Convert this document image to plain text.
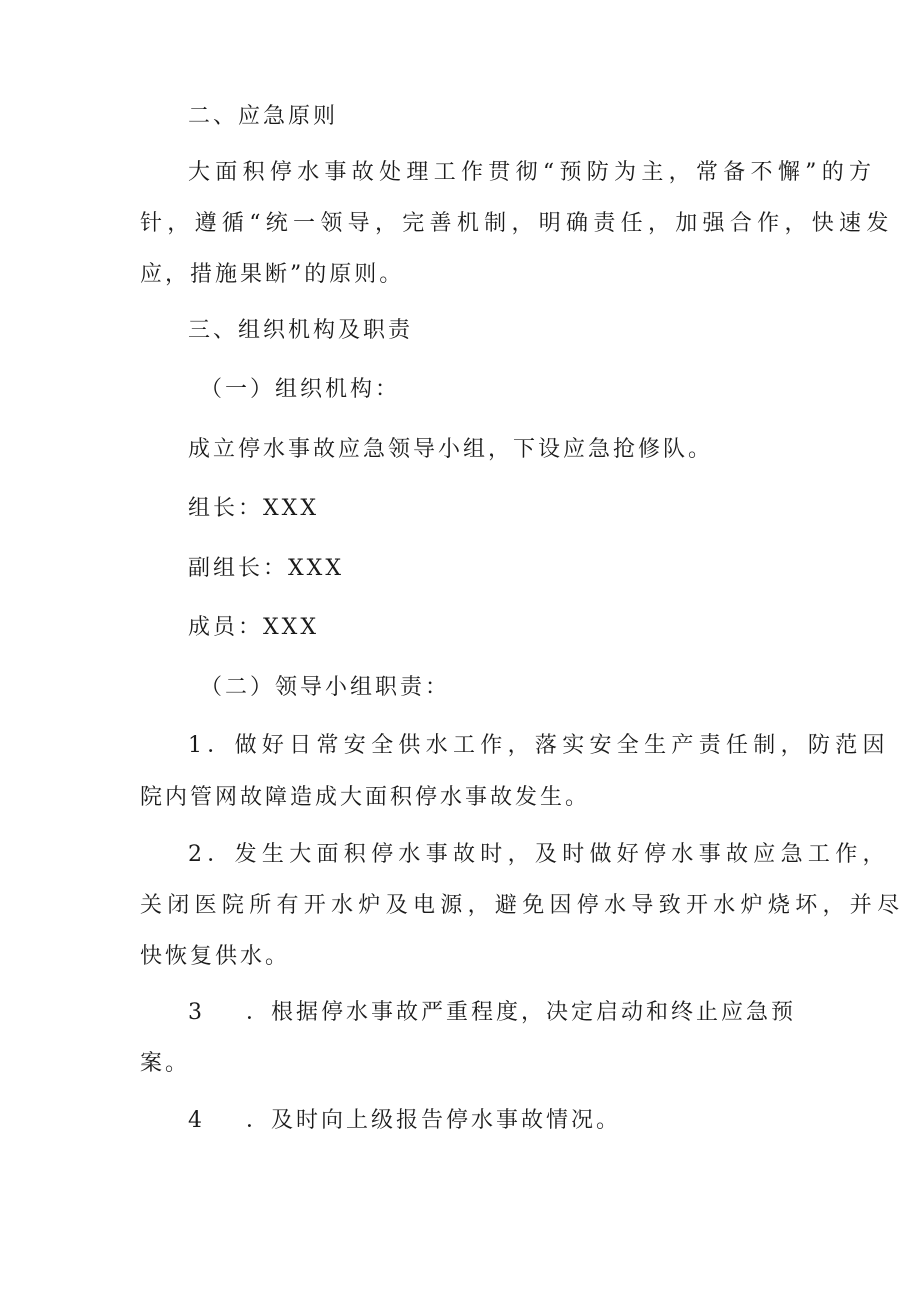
二、应急原则
大面积停水事故处理工作贯彻“预防为主，常备不懈”的方
针，遵循“统一领导，完善机制，明确责任，加强合作，快速发
应，措施果断”的原则。
三、组织机构及职责
（一）组织机构：
成立停水事故应急领导小组，下设应急抢修队。
组长：XXX
副组长：XXX
成员：XXX
（二）领导小组职责：
1．做好日常安全供水工作，落实安全生产责任制，防范因
院内管网故障造成大面积停水事故发生。
2．发生大面积停水事故时，及时做好停水事故应急工作，
关闭医院所有开水炉及电源，避免因停水导致开水炉烧坏，并尽
快恢复供水。
3 ．根据停水事故严重程度，决定启动和终止应急预
案。
4 ．及时向上级报告停水事故情况。
